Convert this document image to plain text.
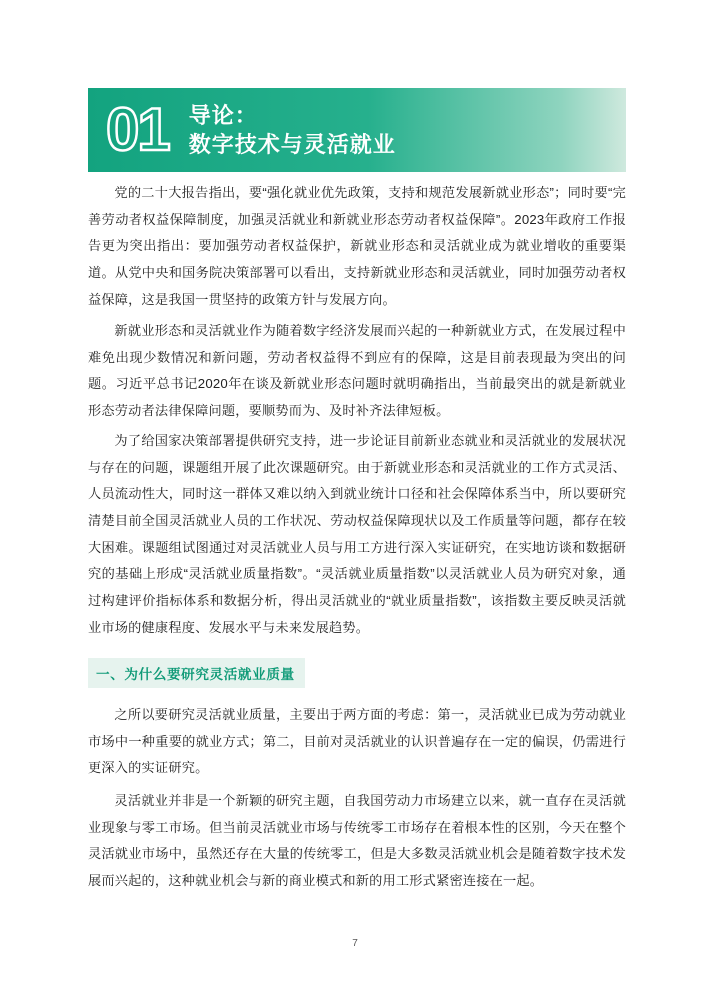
01 导论：
数字技术与灵活就业

党的二十大报告指出，要“强化就业优先政策，支持和规范发展新就业形态”；同时要“完善劳动者权益保障制度，加强灵活就业和新就业形态劳动者权益保障”。2023年政府工作报告更为突出指出：要加强劳动者权益保护，新就业形态和灵活就业成为就业增收的重要渠道。从党中央和国务院决策部署可以看出，支持新就业形态和灵活就业，同时加强劳动者权益保障，这是我国一贯坚持的政策方针与发展方向。

新就业形态和灵活就业作为随着数字经济发展而兴起的一种新就业方式，在发展过程中难免出现少数情况和新问题，劳动者权益得不到应有的保障，这是目前表现最为突出的问题。习近平总书记2020年在谈及新就业形态问题时就明确指出，当前最突出的就是新就业形态劳动者法律保障问题，要顺势而为、及时补齐法律短板。

为了给国家决策部署提供研究支持，进一步论证目前新业态就业和灵活就业的发展状况与存在的问题，课题组开展了此次课题研究。由于新就业形态和灵活就业的工作方式灵活、人员流动性大，同时这一群体又难以纳入到就业统计口径和社会保障体系当中，所以要研究清楚目前全国灵活就业人员的工作状况、劳动权益保障现状以及工作质量等问题，都存在较大困难。课题组试图通过对灵活就业人员与用工方进行深入实证研究，在实地访谈和数据研究的基础上形成“灵活就业质量指数”。“灵活就业质量指数”以灵活就业人员为研究对象，通过构建评价指标体系和数据分析，得出灵活就业的“就业质量指数”，该指数主要反映灵活就业市场的健康程度、发展水平与未来发展趋势。

一、为什么要研究灵活就业质量

之所以要研究灵活就业质量，主要出于两方面的考虑：第一，灵活就业已成为劳动就业市场中一种重要的就业方式；第二，目前对灵活就业的认识普遍存在一定的偏误，仍需进行更深入的实证研究。

灵活就业并非是一个新颖的研究主题，自我国劳动力市场建立以来，就一直存在灵活就业现象与零工市场。但当前灵活就业市场与传统零工市场存在着根本性的区别，今天在整个灵活就业市场中，虽然还存在大量的传统零工，但是大多数灵活就业机会是随着数字技术发展而兴起的，这种就业机会与新的商业模式和新的用工形式紧密连接在一起。

7
